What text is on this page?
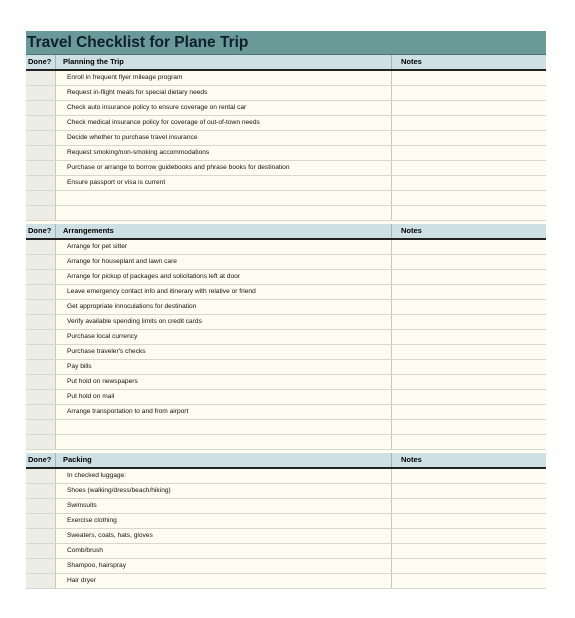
Travel Checklist for Plane Trip
Done?	Planning the Trip	Notes
Enroll in frequent flyer mileage program
Request in-flight meals for special dietary needs
Check auto insurance policy to ensure coverage on rental car
Check medical insurance policy for coverage of out-of-town needs
Decide whether to purchase travel insurance
Request smoking/non-smoking accommodations
Purchase or arrange to borrow guidebooks and phrase books for destination
Ensure passport or visa is current
Done?	Arrangements	Notes
Arrange for pet sitter
Arrange for houseplant and lawn care
Arrange for pickup of packages and solicitations left at door
Leave emergency contact info and itinerary with relative or friend
Get appropriate innoculations for destination
Verify available spending limits on credit cards
Purchase local currency
Purchase traveler's checks
Pay bills
Put hold on newspapers
Put hold on mail
Arrange transportation to and from airport
Done?	Packing	Notes
In checked luggage:
Shoes (walking/dress/beach/hiking)
Swimsuits
Exercise clothing
Sweaters, coats, hats, gloves
Comb/brush
Shampoo, hairspray
Hair dryer
